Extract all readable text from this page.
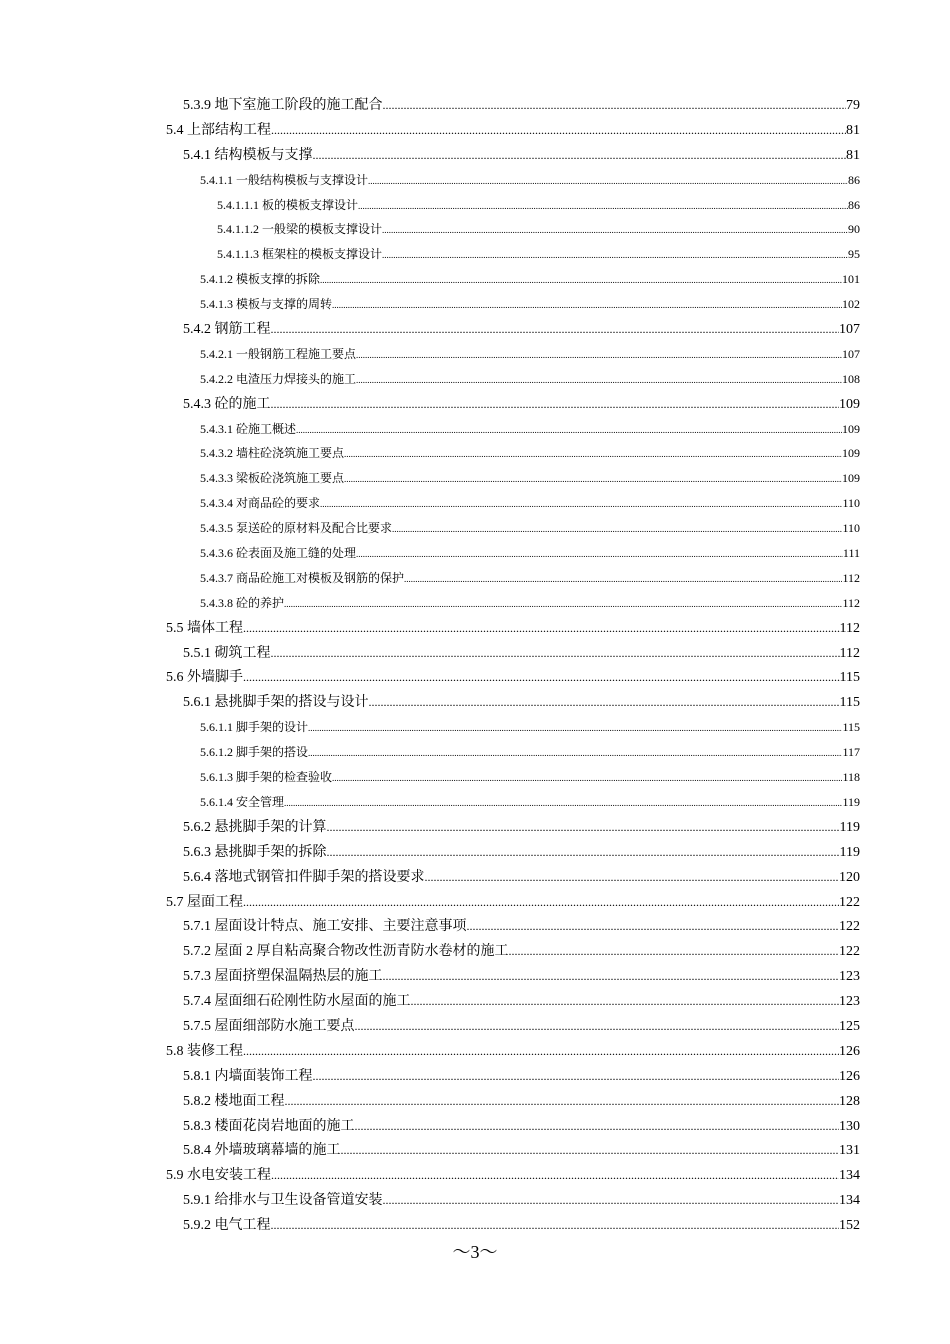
5.3.9 地下室施工阶段的施工配合 .....	79
5.4 上部结构工程 .....	81
5.4.1 结构模板与支撑 .....	81
5.4.1.1 一般结构模板与支撑设计 .....	86
5.4.1.1.1 板的模板支撑设计 .....	86
5.4.1.1.2 一般梁的模板支撑设计 .....	90
5.4.1.1.3 框架柱的模板支撑设计 .....	95
5.4.1.2 模板支撑的拆除 .....	101
5.4.1.3 模板与支撑的周转 .....	102
5.4.2 钢筋工程 .....	107
5.4.2.1 一般钢筋工程施工要点 .....	107
5.4.2.2 电渣压力焊接头的施工 .....	108
5.4.3 砼的施工 .....	109
5.4.3.1 砼施工概述 .....	109
5.4.3.2 墙柱砼浇筑施工要点 .....	109
5.4.3.3 梁板砼浇筑施工要点 .....	109
5.4.3.4 对商品砼的要求 .....	110
5.4.3.5 泵送砼的原材料及配合比要求 .....	110
5.4.3.6 砼表面及施工缝的处理 .....	111
5.4.3.7 商品砼施工对模板及钢筋的保护 .....	112
5.4.3.8 砼的养护 .....	112
5.5 墙体工程 .....	112
5.5.1 砌筑工程 .....	112
5.6 外墙脚手 .....	115
5.6.1 悬挑脚手架的搭设与设计 .....	115
5.6.1.1 脚手架的设计 .....	115
5.6.1.2 脚手架的搭设 .....	117
5.6.1.3 脚手架的检查验收 .....	118
5.6.1.4 安全管理 .....	119
5.6.2 悬挑脚手架的计算 .....	119
5.6.3 悬挑脚手架的拆除 .....	119
5.6.4 落地式钢管扣件脚手架的搭设要求 .....	120
5.7 屋面工程 .....	122
5.7.1 屋面设计特点、施工安排、主要注意事项 .....	122
5.7.2 屋面 2 厚自粘高聚合物改性沥青防水卷材的施工 .....	122
5.7.3 屋面挤塑保温隔热层的施工 .....	123
5.7.4 屋面细石砼刚性防水屋面的施工 .....	123
5.7.5 屋面细部防水施工要点 .....	125
5.8 装修工程 .....	126
5.8.1 内墙面装饰工程 .....	126
5.8.2 楼地面工程 .....	128
5.8.3 楼面花岗岩地面的施工 .....	130
5.8.4 外墙玻璃幕墙的施工 .....	131
5.9 水电安装工程 .....	134
5.9.1 给排水与卫生设备管道安装 .....	134
5.9.2 电气工程 .....	152
～3～
